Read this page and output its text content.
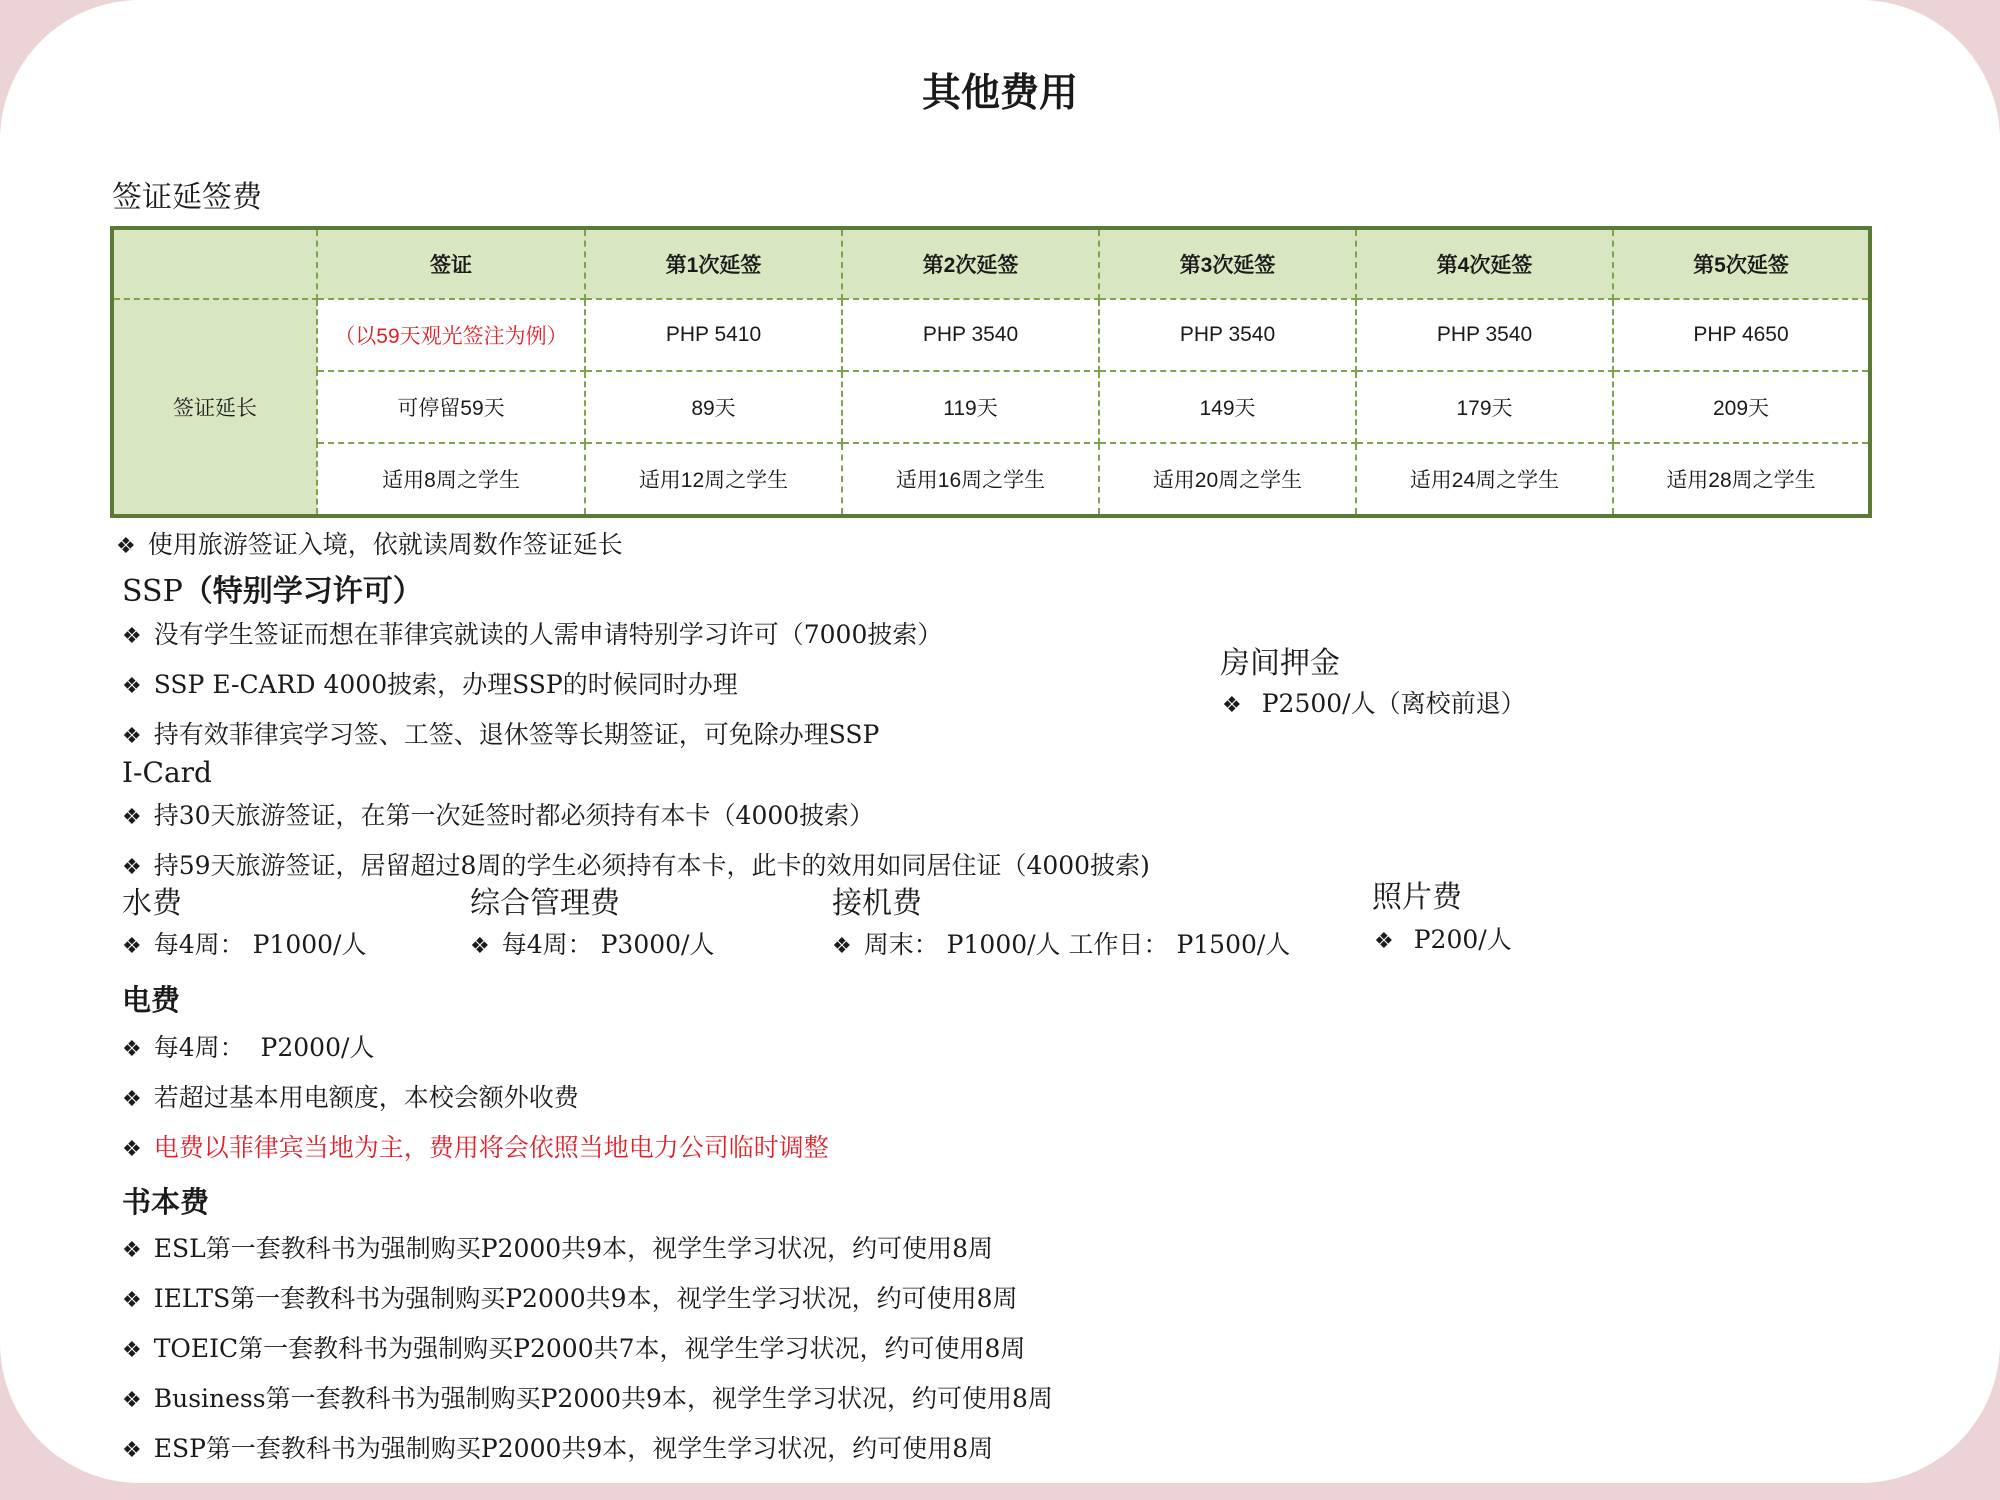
其他费用
签证延签费
	签证	第1次延签	第2次延签	第3次延签	第4次延签	第5次延签
签证延长	（以59天观光签注为例）	PHP 5410	PHP 3540	PHP 3540	PHP 3540	PHP 4650
	可停留59天	89天	119天	149天	179天	209天
	适用8周之学生	适用12周之学生	适用16周之学生	适用20周之学生	适用24周之学生	适用28周之学生
❖ 使用旅游签证入境，依就读周数作签证延长
SSP（特别学习许可）
❖ 没有学生签证而想在菲律宾就读的人需申请特别学习许可（7000披索）
❖ SSP E-CARD 4000披索，办理SSP的时候同时办理
❖ 持有效菲律宾学习签、工签、退休签等长期签证，可免除办理SSP
房间押金
❖ P2500/人（离校前退）
I-Card
❖ 持30天旅游签证，在第一次延签时都必须持有本卡（4000披索）
❖ 持59天旅游签证，居留超过8周的学生必须持有本卡，此卡的效用如同居住证（4000披索)
水费
❖ 每4周： P1000/人
综合管理费
❖ 每4周： P3000/人
接机费
❖ 周末： P1000/人 工作日： P1500/人
照片费
❖ P200/人
电费
❖ 每4周：  P2000/人
❖ 若超过基本用电额度，本校会额外收费
❖ 电费以菲律宾当地为主，费用将会依照当地电力公司临时调整
书本费
❖ ESL第一套教科书为强制购买P2000共9本，视学生学习状况，约可使用8周
❖ IELTS第一套教科书为强制购买P2000共9本，视学生学习状况，约可使用8周
❖ TOEIC第一套教科书为强制购买P2000共7本，视学生学习状况，约可使用8周
❖ Business第一套教科书为强制购买P2000共9本，视学生学习状况，约可使用8周
❖ ESP第一套教科书为强制购买P2000共9本，视学生学习状况，约可使用8周
